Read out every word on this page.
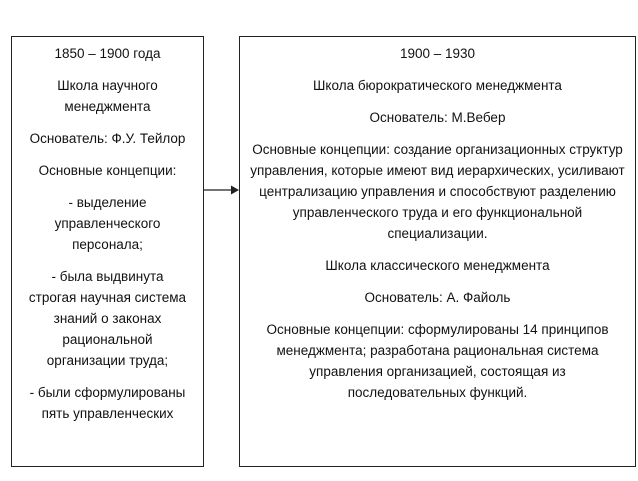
1850 – 1900 года

Школа научного менеджмента

Основатель: Ф.У. Тейлор

Основные концепции:

- выделение управленческого персонала;

- была выдвинута строгая научная система знаний о законах рациональной организации труда;

- были сформулированы пять управленческих

1900 – 1930

Школа бюрократического менеджмента

Основатель: М.Вебер

Основные концепции: создание организационных структур управления, которые имеют вид иерархических, усиливают централизацию управления и способствуют разделению управленческого труда и его функциональной специализации.

Школа классического менеджмента

Основатель: А. Файоль

Основные концепции: сформулированы 14 принципов менеджмента; разработана рациональная система управления организацией, состоящая из последовательных функций.
